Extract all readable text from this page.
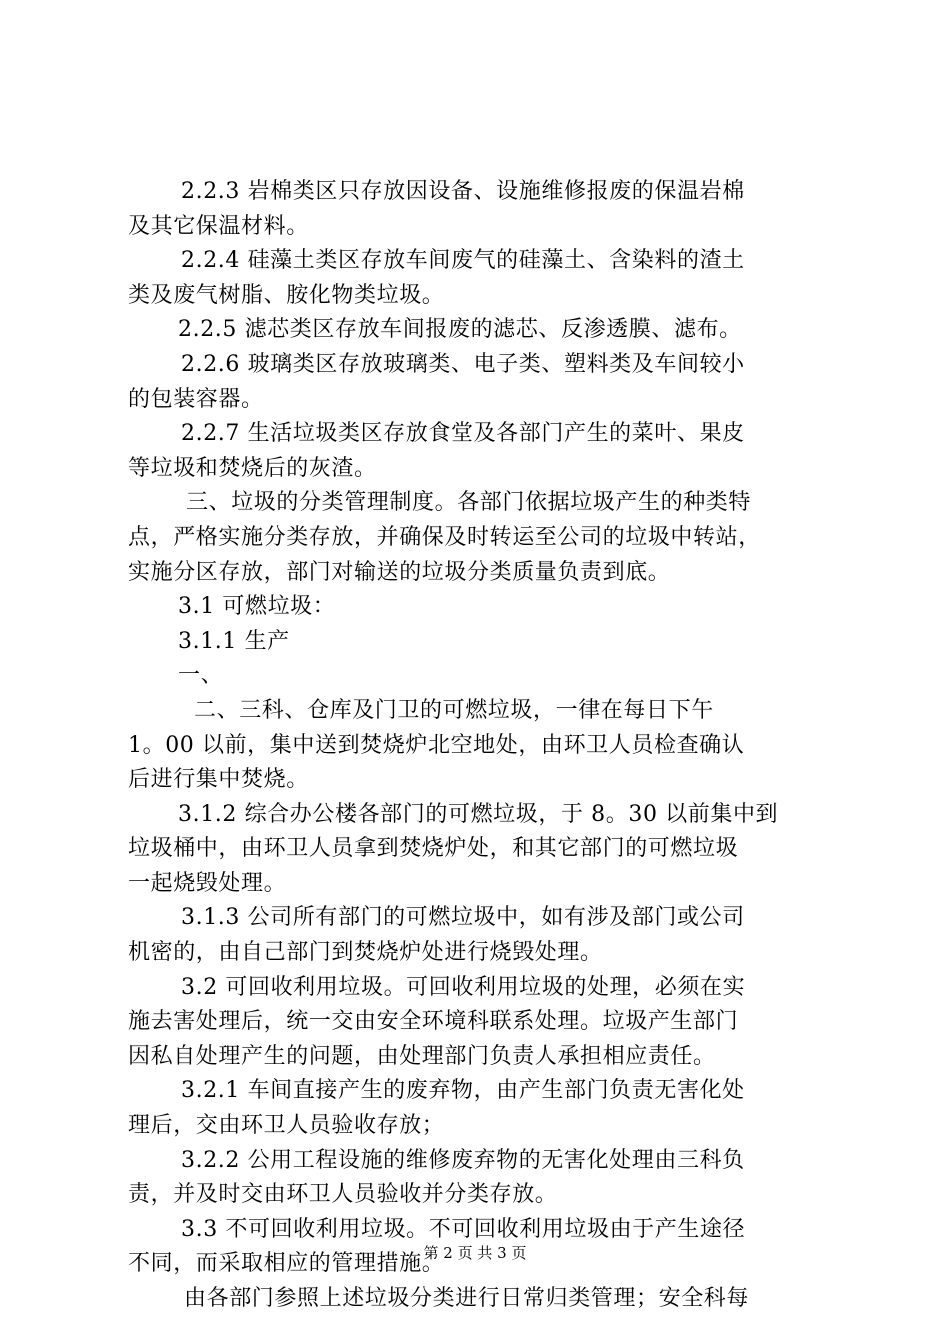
2.2.3 岩棉类区只存放因设备、设施维修报废的保温岩棉
及其它保温材料。
2.2.4 硅藻土类区存放车间废气的硅藻土、含染料的渣土
类及废气树脂、胺化物类垃圾。
2.2.5 滤芯类区存放车间报废的滤芯、反渗透膜、滤布。
2.2.6 玻璃类区存放玻璃类、电子类、塑料类及车间较小
的包装容器。
2.2.7 生活垃圾类区存放食堂及各部门产生的菜叶、果皮
等垃圾和焚烧后的灰渣。
三、垃圾的分类管理制度。各部门依据垃圾产生的种类特
点，严格实施分类存放，并确保及时转运至公司的垃圾中转站，
实施分区存放，部门对输送的垃圾分类质量负责到底。
3.1 可燃垃圾：
3.1.1 生产
一、
二、三科、仓库及门卫的可燃垃圾，一律在每日下午
1。00 以前，集中送到焚烧炉北空地处，由环卫人员检查确认
后进行集中焚烧。
3.1.2 综合办公楼各部门的可燃垃圾，于 8。30 以前集中到
垃圾桶中，由环卫人员拿到焚烧炉处，和其它部门的可燃垃圾
一起烧毁处理。
3.1.3 公司所有部门的可燃垃圾中，如有涉及部门或公司
机密的，由自己部门到焚烧炉处进行烧毁处理。
3.2 可回收利用垃圾。可回收利用垃圾的处理，必须在实
施去害处理后，统一交由安全环境科联系处理。垃圾产生部门
因私自处理产生的问题，由处理部门负责人承担相应责任。
3.2.1 车间直接产生的废弃物，由产生部门负责无害化处
理后，交由环卫人员验收存放；
3.2.2 公用工程设施的维修废弃物的无害化处理由三科负
责，并及时交由环卫人员验收并分类存放。
3.3 不可回收利用垃圾。不可回收利用垃圾由于产生途径
不同，而采取相应的管理措施。
由各部门参照上述垃圾分类进行日常归类管理；安全科每
第 2 页 共 3 页
